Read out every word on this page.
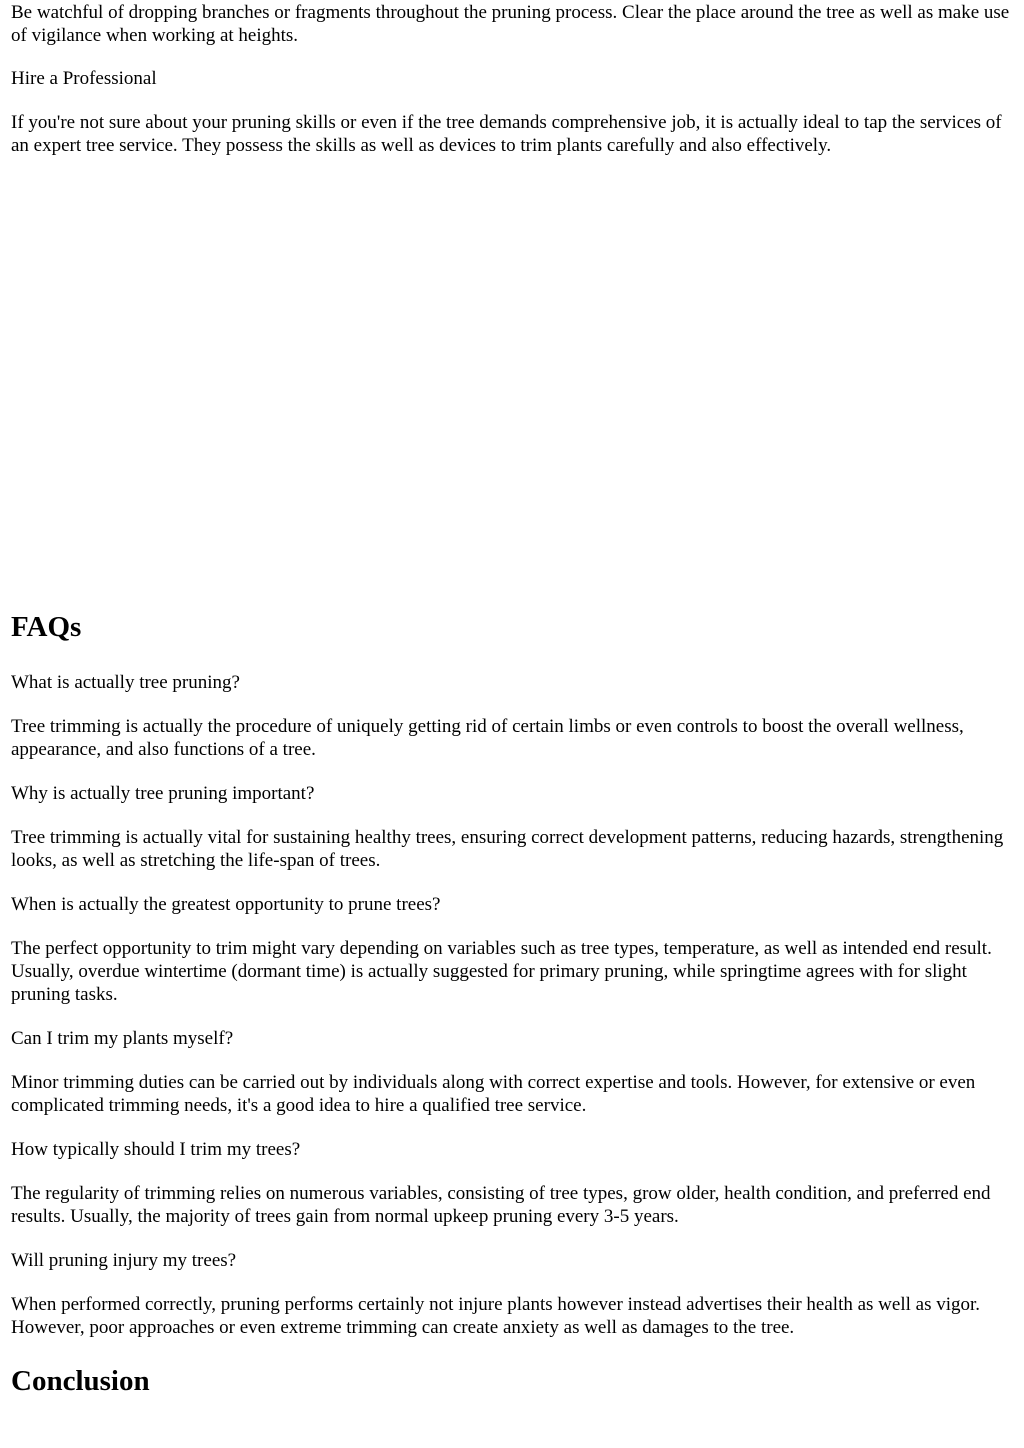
Be watchful of dropping branches or fragments throughout the pruning process. Clear the place around the tree as well as make use of vigilance when working at heights.

Hire a Professional

If you're not sure about your pruning skills or even if the tree demands comprehensive job, it is actually ideal to tap the services of an expert tree service. They possess the skills as well as devices to trim plants carefully and also effectively.

FAQs

What is actually tree pruning?

Tree trimming is actually the procedure of uniquely getting rid of certain limbs or even controls to boost the overall wellness, appearance, and also functions of a tree.

Why is actually tree pruning important?

Tree trimming is actually vital for sustaining healthy trees, ensuring correct development patterns, reducing hazards, strengthening looks, as well as stretching the life-span of trees.

When is actually the greatest opportunity to prune trees?

The perfect opportunity to trim might vary depending on variables such as tree types, temperature, as well as intended end result. Usually, overdue wintertime (dormant time) is actually suggested for primary pruning, while springtime agrees with for slight pruning tasks.

Can I trim my plants myself?

Minor trimming duties can be carried out by individuals along with correct expertise and tools. However, for extensive or even complicated trimming needs, it's a good idea to hire a qualified tree service.

How typically should I trim my trees?

The regularity of trimming relies on numerous variables, consisting of tree types, grow older, health condition, and preferred end results. Usually, the majority of trees gain from normal upkeep pruning every 3-5 years.

Will pruning injury my trees?

When performed correctly, pruning performs certainly not injure plants however instead advertises their health as well as vigor. However, poor approaches or even extreme trimming can create anxiety as well as damages to the tree.

Conclusion
